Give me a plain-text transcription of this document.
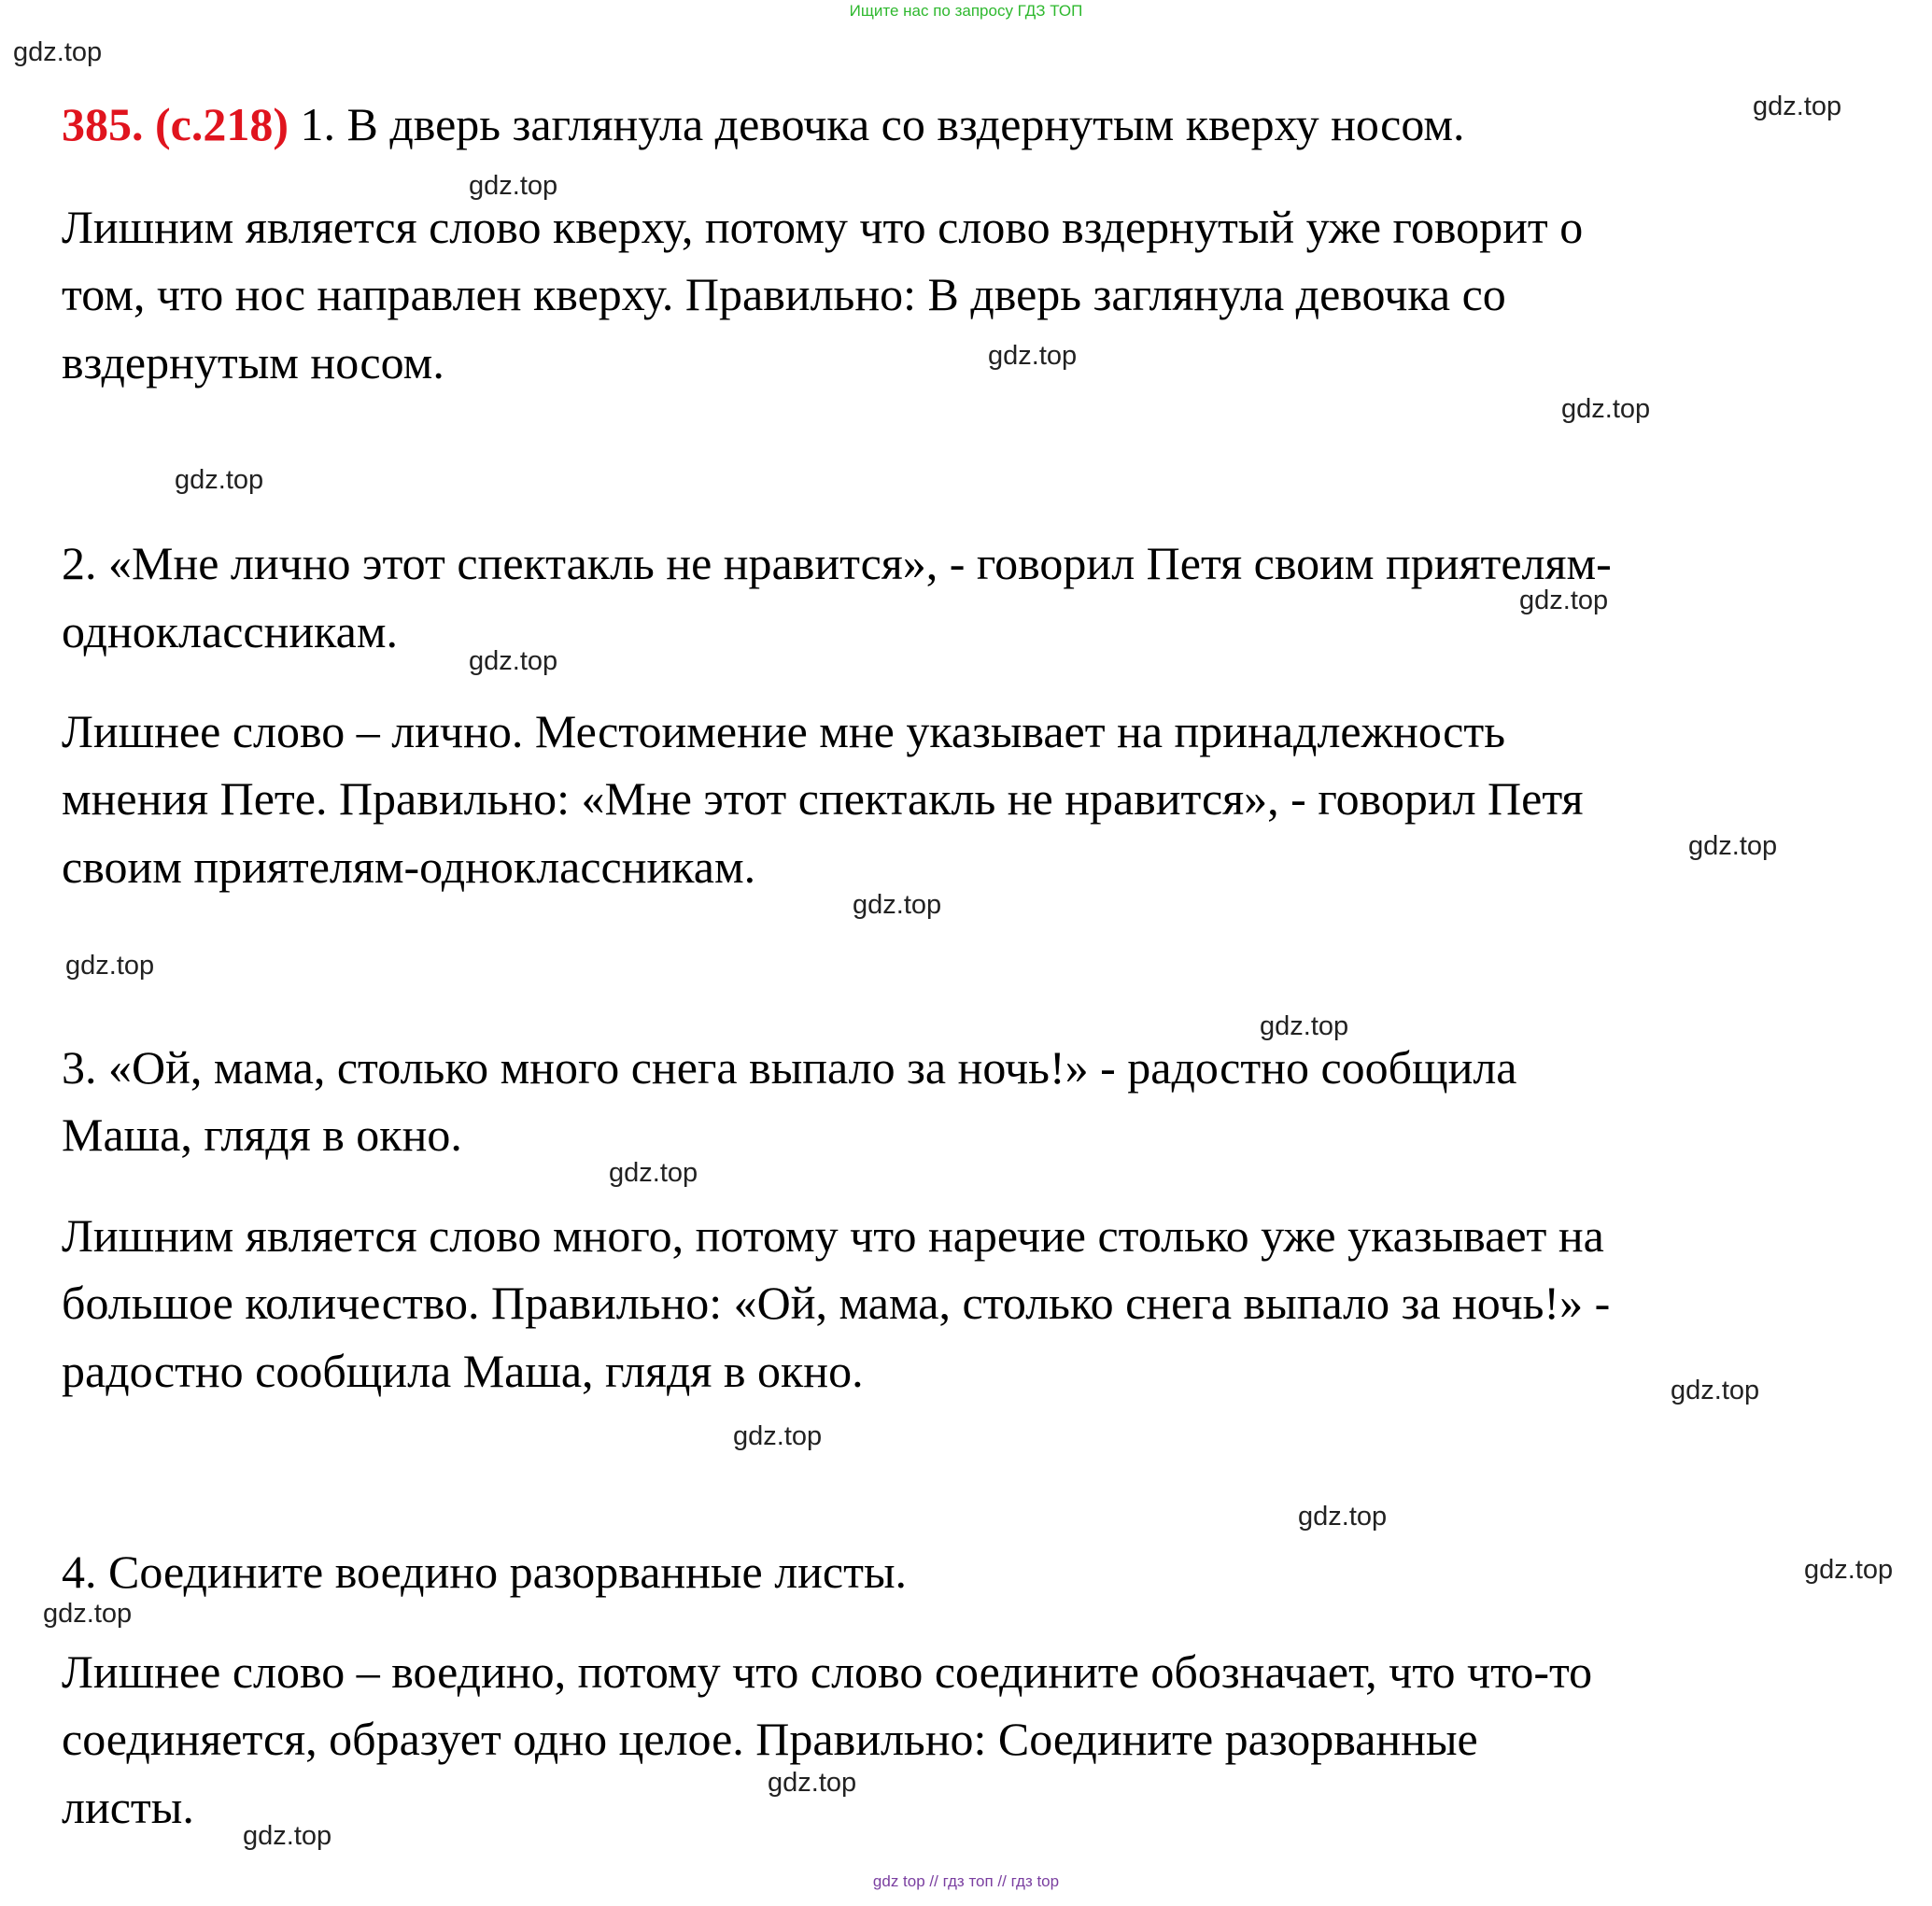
Ищите нас по запросу ГДЗ ТОП
385. (с.218) 1. В дверь заглянула девочка со вздернутым кверху носом.
Лишним является слово кверху, потому что слово вздернутый уже говорит о
том, что нос направлен кверху. Правильно: В дверь заглянула девочка со
вздернутым носом.
2. «Мне лично этот спектакль не нравится», - говорил Петя своим приятелям-
одноклассникам.
Лишнее слово – лично. Местоимение мне указывает на принадлежность
мнения Пете. Правильно: «Мне этот спектакль не нравится», - говорил Петя
своим приятелям-одноклассникам.
3. «Ой, мама, столько много снега выпало за ночь!» - радостно сообщила
Маша, глядя в окно.
Лишним является слово много, потому что наречие столько уже указывает на
большое количество. Правильно: «Ой, мама, столько снега выпало за ночь!» -
радостно сообщила Маша, глядя в окно.
4. Соедините воедино разорванные листы.
Лишнее слово – воедино, потому что слово соедините обозначает, что что-то
соединяется, образует одно целое. Правильно: Соедините разорванные
листы.
gdz.top
gdz.top
gdz.top
gdz.top
gdz.top
gdz.top
gdz.top
gdz.top
gdz.top
gdz.top
gdz.top
gdz.top
gdz.top
gdz.top
gdz.top
gdz.top
gdz.top
gdz.top
gdz.top
gdz.top
gdz top // гдз топ // гдз top
